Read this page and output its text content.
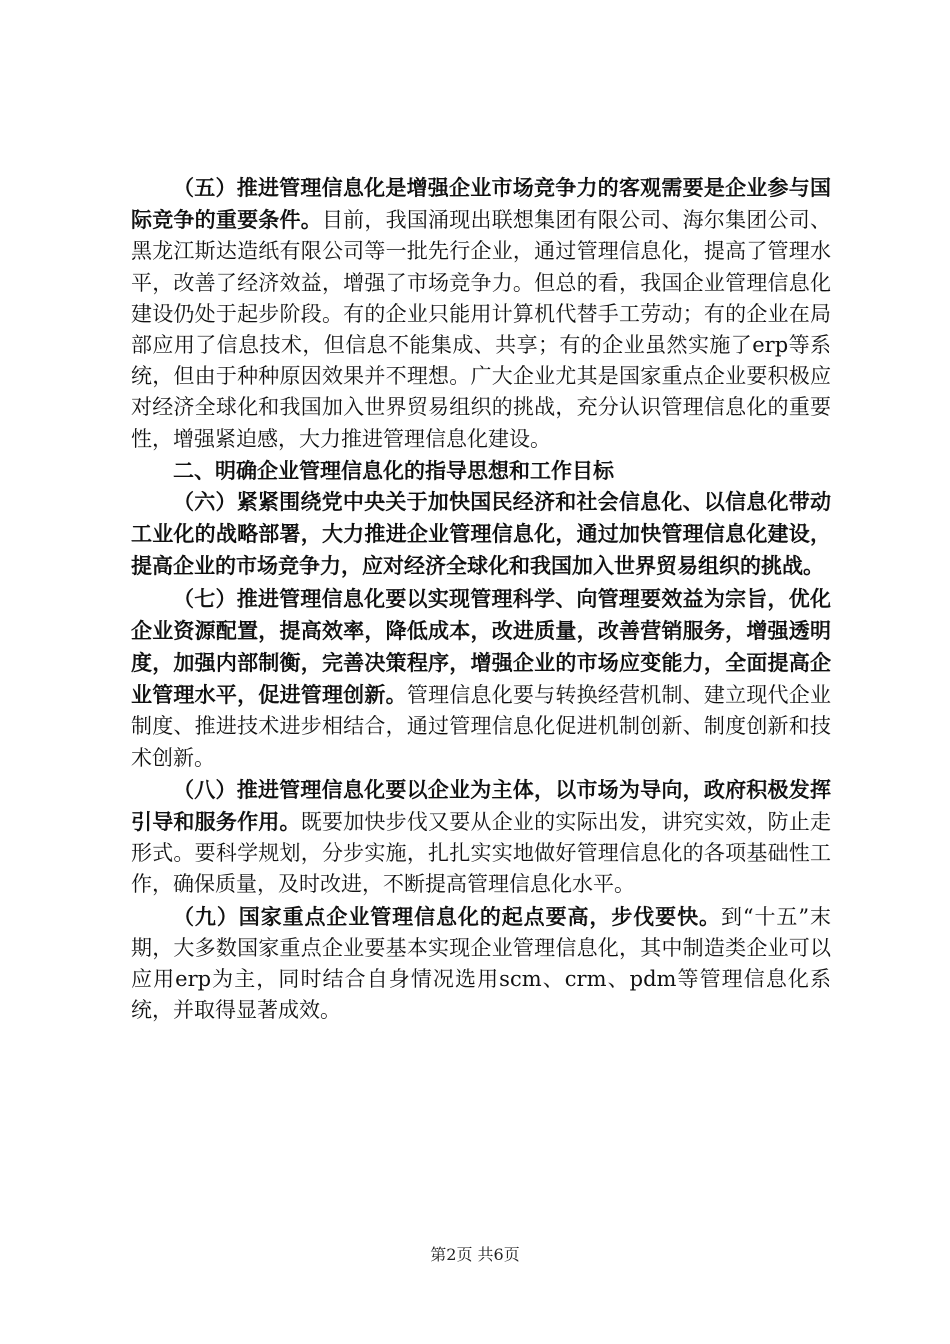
（五）推进管理信息化是增强企业市场竞争力的客观需要是企业参与国际竞争的重要条件。目前，我国涌现出联想集团有限公司、海尔集团公司、黑龙江斯达造纸有限公司等一批先行企业，通过管理信息化，提高了管理水平，改善了经济效益，增强了市场竞争力。但总的看，我国企业管理信息化建设仍处于起步阶段。有的企业只能用计算机代替手工劳动；有的企业在局部应用了信息技术，但信息不能集成、共享；有的企业虽然实施了erp等系统，但由于种种原因效果并不理想。广大企业尤其是国家重点企业要积极应对经济全球化和我国加入世界贸易组织的挑战，充分认识管理信息化的重要性，增强紧迫感，大力推进管理信息化建设。

二、明确企业管理信息化的指导思想和工作目标

（六）紧紧围绕党中央关于加快国民经济和社会信息化、以信息化带动工业化的战略部署，大力推进企业管理信息化，通过加快管理信息化建设，提高企业的市场竞争力，应对经济全球化和我国加入世界贸易组织的挑战。

（七）推进管理信息化要以实现管理科学、向管理要效益为宗旨，优化企业资源配置，提高效率，降低成本，改进质量，改善营销服务，增强透明度，加强内部制衡，完善决策程序，增强企业的市场应变能力，全面提高企业管理水平，促进管理创新。管理信息化要与转换经营机制、建立现代企业制度、推进技术进步相结合，通过管理信息化促进机制创新、制度创新和技术创新。

（八）推进管理信息化要以企业为主体，以市场为导向，政府积极发挥引导和服务作用。既要加快步伐又要从企业的实际出发，讲究实效，防止走形式。要科学规划，分步实施，扎扎实实地做好管理信息化的各项基础性工作，确保质量，及时改进，不断提高管理信息化水平。

（九）国家重点企业管理信息化的起点要高，步伐要快。到“十五”末期，大多数国家重点企业要基本实现企业管理信息化，其中制造类企业可以应用erp为主，同时结合自身情况选用scm、crm、pdm等管理信息化系统，并取得显著成效。

第2页 共6页
